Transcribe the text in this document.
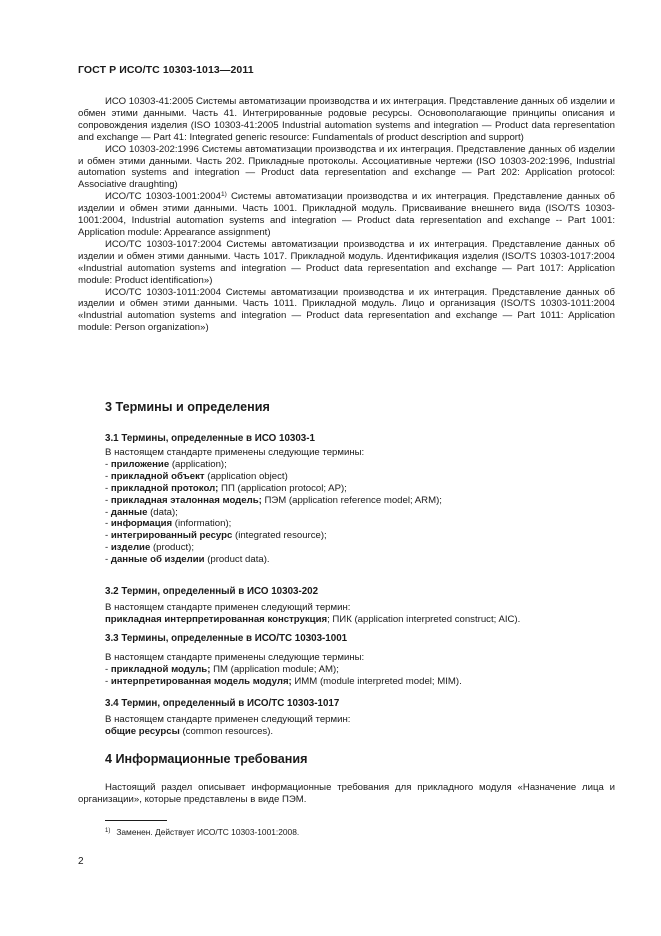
ГОСТ Р ИСО/ТС 10303-1013—2011

ИСО 10303-41:2005 Системы автоматизации производства и их интеграция. Представление данных об изделии и обмен этими данными. Часть 41. Интегрированные родовые ресурсы. Основополагающие принципы описания и сопровождения изделия (ISO 10303-41:2005 Industrial automation systems and integration — Product data representation and exchange — Part 41: Integrated generic resource: Fundamentals of product description and support)

ИСО 10303-202:1996 Системы автоматизации производства и их интеграция. Представление данных об изделии и обмен этими данными. Часть 202. Прикладные протоколы. Ассоциативные чертежи (ISO 10303-202:1996, Industrial automation systems and integration — Product data representation and exchange — Part 202: Application protocol: Associative draughting)

ИСО/ТС 10303-1001:2004$^{1)}$ Системы автоматизации производства и их интеграция. Представление данных об изделии и обмен этими данными. Часть 1001. Прикладной модуль. Присваивание внешнего вида (ISO/TS 10303-1001:2004, Industrial automation systems and integration — Product data representation and exchange -- Part 1001: Application module: Appearance assignment)

ИСО/ТС 10303-1017:2004 Системы автоматизации производства и их интеграция. Представление данных об изделии и обмен этими данными. Часть 1017. Прикладной модуль. Идентификация изделия (ISO/TS 10303-1017:2004 «Industrial automation systems and integration — Product data representation and exchange — Part 1017: Application module: Product identification»)

ИСО/ТС 10303-1011:2004 Системы автоматизации производства и их интеграция. Представление данных об изделии и обмен этими данными. Часть 1011. Прикладной модуль. Лицо и организация (ISO/TS 10303-1011:2004 «Industrial automation systems and integration — Product data representation and exchange — Part 1011: Application module: Person organization»)

3 Термины и определения
3.1 Термины, определенные в ИСО 10303-1
В настоящем стандарте применены следующие термины:
- приложение (application);
- прикладной объект (application object)
- прикладной протокол; ПП (application protocol; AP);
- прикладная эталонная модель; ПЭМ (application reference model; ARM);
- данные (data);
- информация (information);
- интегрированный ресурс (integrated resource);
- изделие (product);
- данные об изделии (product data).
3.2 Термин, определенный в ИСО 10303-202
В настоящем стандарте применен следующий термин:
прикладная интерпретированная конструкция; ПИК (application interpreted construct; AIC).
3.3 Термины, определенные в ИСО/ТС 10303-1001
В настоящем стандарте применены следующие термины:
- прикладной модуль; ПМ (application module; AM);
- интерпретированная модель модуля; ИММ (module interpreted model; MIM).
3.4 Термин, определенный в ИСО/ТС 10303-1017
В настоящем стандарте применен следующий термин:
общие ресурсы (common resources).
4 Информационные требования

Настоящий раздел описывает информационные требования для прикладного модуля «Назначение лица и организации», которые представлены в виде ПЭМ.

$^{1)}$ Заменен. Действует ИСО/ТС 10303-1001:2008.
2
